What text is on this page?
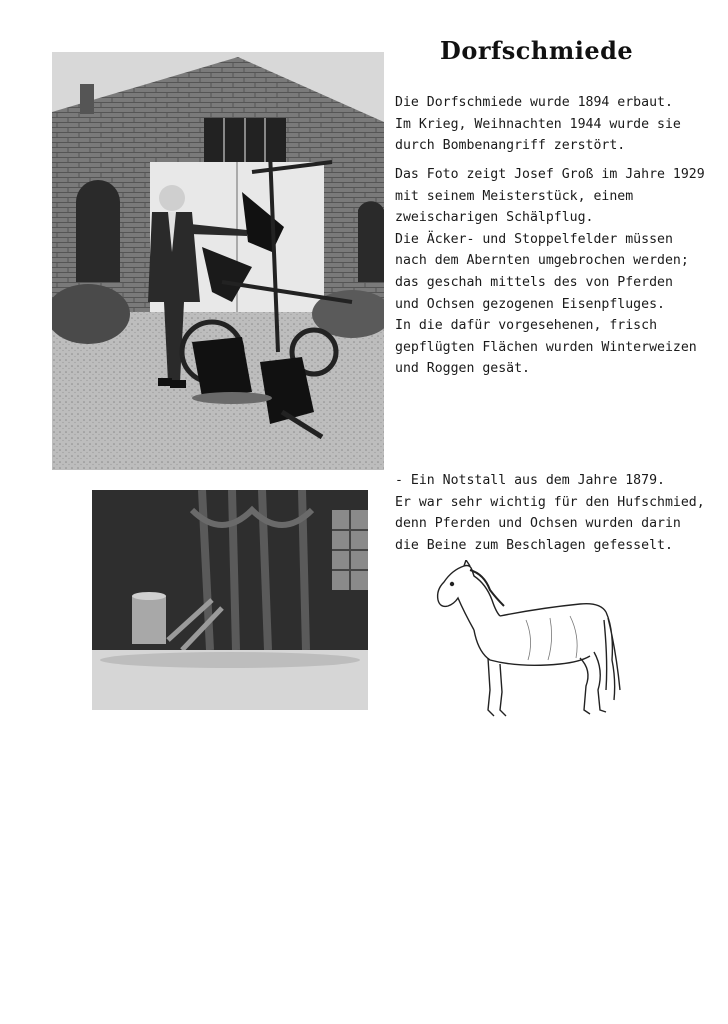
Dorfschmiede
Die Dorfschmiede wurde 1894 erbaut.
Im Krieg, Weihnachten 1944 wurde sie
durch Bombenangriff zerstört.
Das Foto zeigt Josef Groß im Jahre 1929
mit seinem Meisterstück, einem
zweischarigen Schälpflug.
Die Äcker- und Stoppelfelder müssen
nach dem Abernten umgebrochen werden;
das geschah mittels des von Pferden
und Ochsen gezogenen Eisenpfluges.
In die dafür vorgesehenen, frisch
gepflügten Flächen wurden Winterweizen
und Roggen gesät.
- Ein Notstall aus dem Jahre 1879.
Er war sehr wichtig für den Hufschmied,
denn Pferden und Ochsen wurden darin
die Beine zum Beschlagen gefesselt.
